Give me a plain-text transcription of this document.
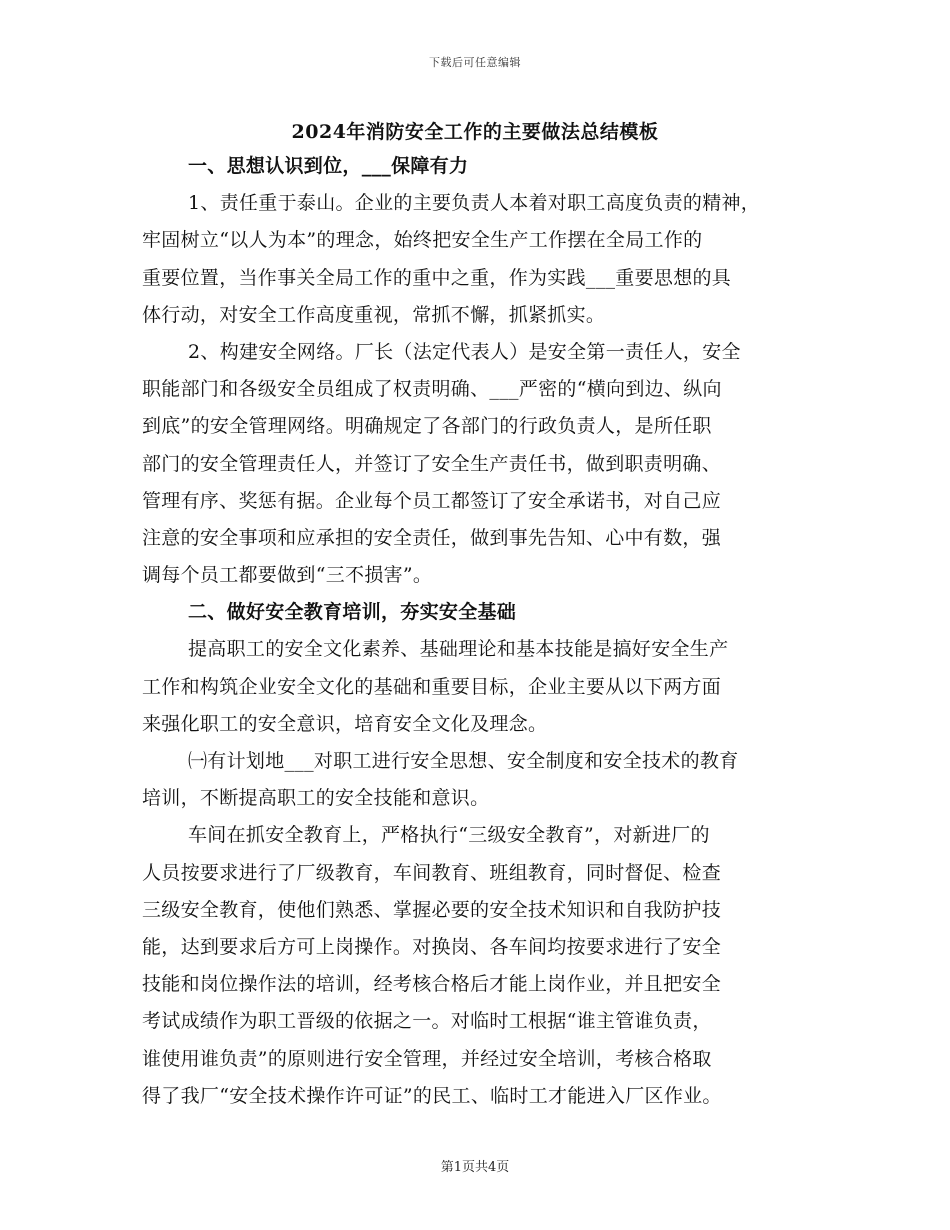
下载后可任意编辑
2024年消防安全工作的主要做法总结模板
一、思想认识到位，___保障有力
1、责任重于泰山。企业的主要负责人本着对职工高度负责的精神，
牢固树立“以人为本”的理念，始终把安全生产工作摆在全局工作的
重要位置，当作事关全局工作的重中之重，作为实践___重要思想的具
体行动，对安全工作高度重视，常抓不懈，抓紧抓实。
2、构建安全网络。厂长（法定代表人）是安全第一责任人，安全
职能部门和各级安全员组成了权责明确、___严密的“横向到边、纵向
到底”的安全管理网络。明确规定了各部门的行政负责人，是所任职
部门的安全管理责任人，并签订了安全生产责任书，做到职责明确、
管理有序、奖惩有据。企业每个员工都签订了安全承诺书，对自己应
注意的安全事项和应承担的安全责任，做到事先告知、心中有数，强
调每个员工都要做到“三不损害”。
二、做好安全教育培训，夯实安全基础
提高职工的安全文化素养、基础理论和基本技能是搞好安全生产
工作和构筑企业安全文化的基础和重要目标，企业主要从以下两方面
来强化职工的安全意识，培育安全文化及理念。
㈠有计划地___对职工进行安全思想、安全制度和安全技术的教育
培训，不断提高职工的安全技能和意识。
车间在抓安全教育上，严格执行“三级安全教育”，对新进厂的
人员按要求进行了厂级教育，车间教育、班组教育，同时督促、检查
三级安全教育，使他们熟悉、掌握必要的安全技术知识和自我防护技
能，达到要求后方可上岗操作。对换岗、各车间均按要求进行了安全
技能和岗位操作法的培训，经考核合格后才能上岗作业，并且把安全
考试成绩作为职工晋级的依据之一。对临时工根据“谁主管谁负责，
谁使用谁负责”的原则进行安全管理，并经过安全培训，考核合格取
得了我厂“安全技术操作许可证”的民工、临时工才能进入厂区作业。
第1页共4页
